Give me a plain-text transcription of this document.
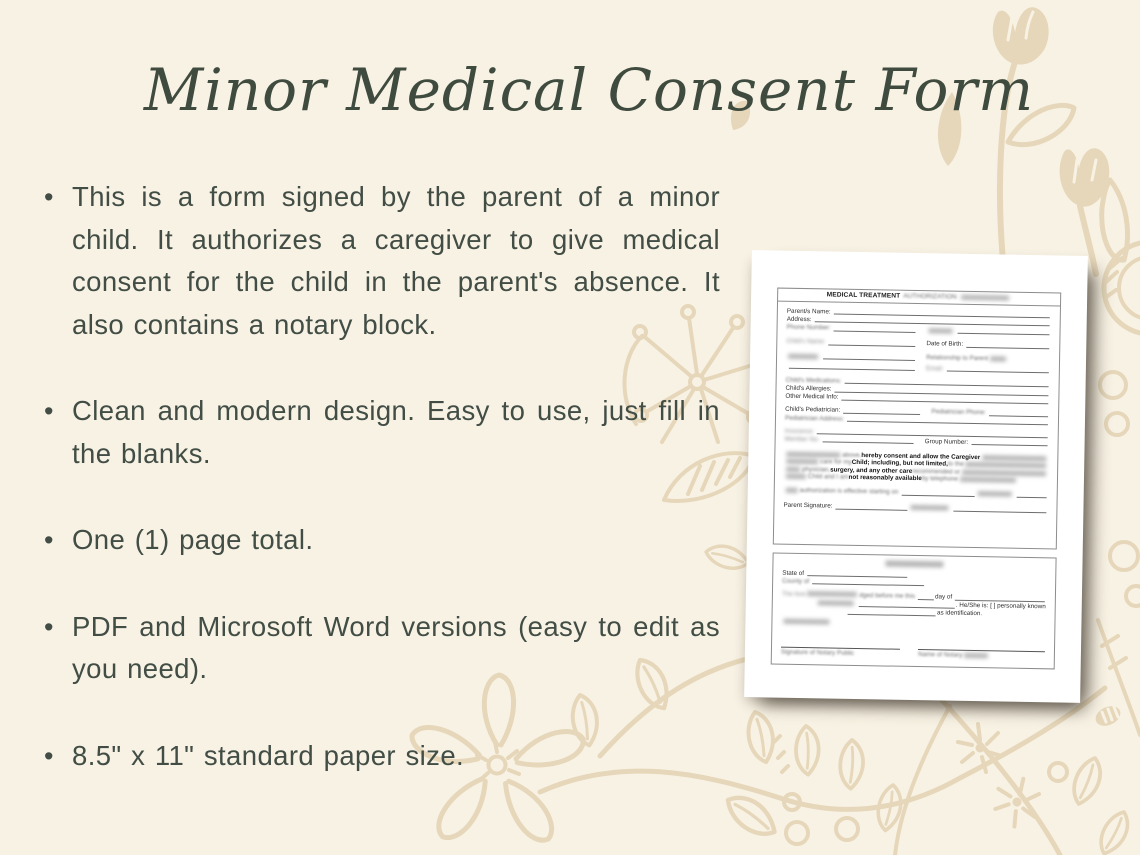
Minor Medical Consent Form
• This is a form signed by the parent of a minor child. It authorizes a caregiver to give medical consent for the child in the parent's absence. It also contains a notary block.
• Clean and modern design. Easy to use, just fill in the blanks.
• One (1) page total.
• PDF and Microsoft Word versions (easy to edit as you need).
• 8.5" x 11" standard paper size.
MEDICAL TREATMENT AUTHORIZATION
Parent/s Name:
Address:
Phone Number:
Child's Name:	Date of Birth:
Relationship to Parent
Email:
Child's Medications:
Child's Allergies:
Other Medical Info:
Child's Pediatrician:	Pediatrician Phone:
Pediatrician Address:
Insurance:
Member No:	Group Number:
above, hereby consent and allow the Caregiver
care for my Child; including, but not limited, to the
physician, surgery, and any other care recommended or
Child and I am not reasonably available by telephone
authorization is effective starting on
Parent Signature:
State of
County of
The fore	dged before me this	day of
. He/She is: [ ] personally known
as identification.
Signature of Notary Public	Name of Notary
